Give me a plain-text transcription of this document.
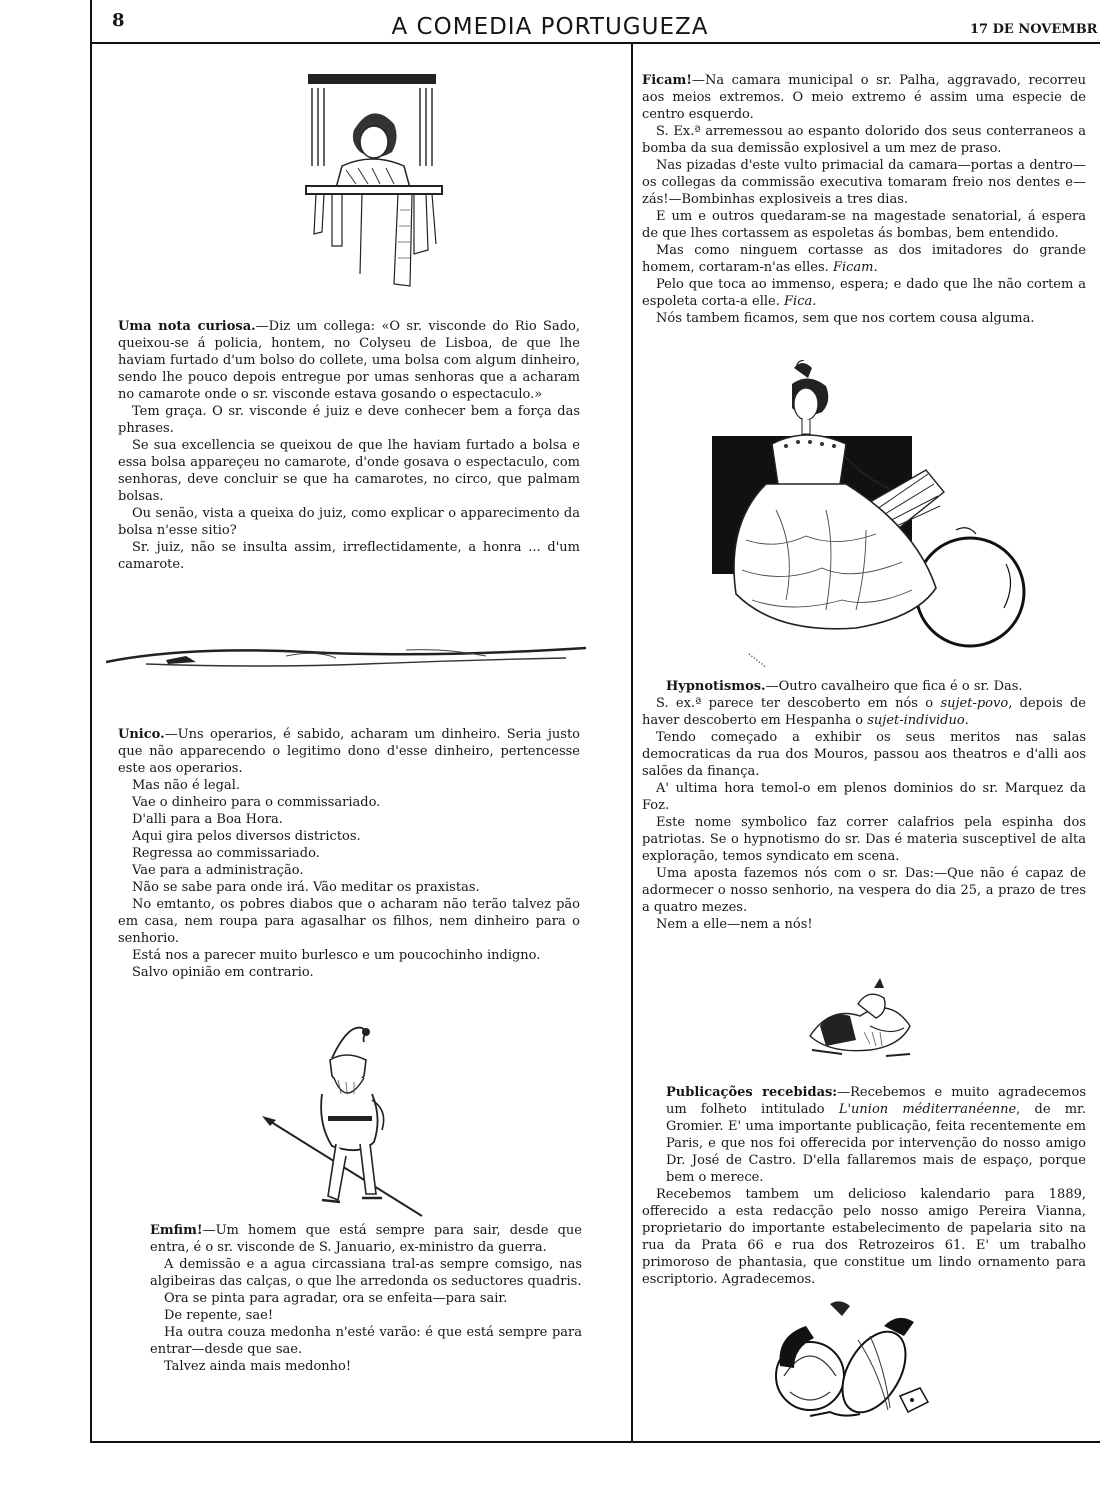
8	A COMEDIA PORTUGUEZA	17 DE NOVEMBR

Uma nota curiosa.—Diz um collega: «O sr. visconde do Rio Sado, queixou-se á policia, hontem, no Colyseu de Lisboa, de que lhe haviam furtado d'um bolso do collete, uma bolsa com algum dinheiro, sendo lhe pouco depois entregue por umas senhoras que a acharam no camarote onde o sr. visconde estava gosando o espectaculo.»

Tem graça. O sr. visconde é juiz e deve conhecer bem a força das phrases.

Se sua excellencia se queixou de que lhe haviam furtado a bolsa e essa bolsa appareçeu no camarote, d'onde gosava o espectaculo, com senhoras, deve concluir se que ha camarotes, no circo, que palmam bolsas.

Ou senão, vista a queixa do juiz, como explicar o apparecimento da bolsa n'esse sitio?

Sr. juiz, não se insulta assim, irreflectidamente, a honra ... d'um camarote.

Unico.—Uns operarios, é sabido, acharam um dinheiro. Seria justo que não apparecendo o legitimo dono d'esse dinheiro, pertencesse este aos operarios.

Mas não é legal.

Vae o dinheiro para o commissariado.

D'alli para a Boa Hora.

Aqui gira pelos diversos districtos.

Regressa ao commissariado.

Vae para a administração.

Não se sabe para onde irá. Vão meditar os praxistas.

No emtanto, os pobres diabos que o acharam não terão talvez pão em casa, nem roupa para agasalhar os filhos, nem dinheiro para o senhorio.

Está nos a parecer muito burlesco e um poucochinho indigno.

Salvo opinião em contrario.

Emfim!—Um homem que está sempre para sair, desde que entra, é o sr. visconde de S. Januario, ex-ministro da guerra.

A demissão e a agua circassiana tral-as sempre comsigo, nas algibeiras das calças, o que lhe arredonda os seductores quadris.

Ora se pinta para agradar, ora se enfeita—para sair.

De repente, sae!

Ha outra couza medonha n'esté varão: é que está sempre para entrar—desde que sae.

Talvez ainda mais medonho!

Ficam!—Na camara municipal o sr. Palha, aggravado, recorreu aos meios extremos. O meio extremo é assim uma especie de centro esquerdo.

S. Ex.ª arremessou ao espanto dolorido dos seus conterraneos a bomba da sua demissão explosivel a um mez de praso.

Nas pizadas d'este vulto primacial da camara—portas a dentro—os collegas da commissão executiva tomaram freio nos dentes e—zás!—Bombinhas explosiveis a tres dias.

E um e outros quedaram-se na magestade senatorial, á espera de que lhes cortassem as espoletas ás bombas, bem entendido.

Mas como ninguem cortasse as dos imitadores do grande homem, cortaram-n'as elles. Ficam.

Pelo que toca ao immenso, espera; e dado que lhe não cortem a espoleta corta-a elle. Fica.

Nós tambem ficamos, sem que nos cortem cousa alguma.

·······

Hypnotismos.—Outro cavalheiro que fica é o sr. Das.

S. ex.ª parece ter descoberto em nós o sujet-povo, depois de haver descoberto em Hespanha o sujet-individuo.

Tendo começado a exhibir os seus meritos nas salas democraticas da rua dos Mouros, passou aos theatros e d'alli aos salões da finança.

A' ultima hora temol-o em plenos dominios do sr. Marquez da Foz.

Este nome symbolico faz correr calafrios pela espinha dos patriotas. Se o hypnotismo do sr. Das é materia susceptivel de alta exploração, temos syndicato em scena.

Uma aposta fazemos nós com o sr. Das:—Que não é capaz de adormecer o nosso senhorio, na vespera do dia 25, a prazo de tres a quatro mezes.

Nem a elle—nem a nós!

Publicações recebidas:—Recebemos e muito agradecemos um folheto intitulado L'union méditerranéenne, de mr. Gromier. E' uma importante publicação, feita recentemente em Paris, e que nos foi offerecida por intervenção do nosso amigo Dr. José de Castro. D'ella fallaremos mais de espaço, porque bem o merece.

Recebemos tambem um delicioso kalendario para 1889, offerecido a esta redacção pelo nosso amigo Pereira Vianna, proprietario do importante estabelecimento de papelaria sito na rua da Prata 66 e rua dos Retrozeiros 61. E' um trabalho primoroso de phantasia, que constitue um lindo ornamento para escriptorio. Agradecemos.
